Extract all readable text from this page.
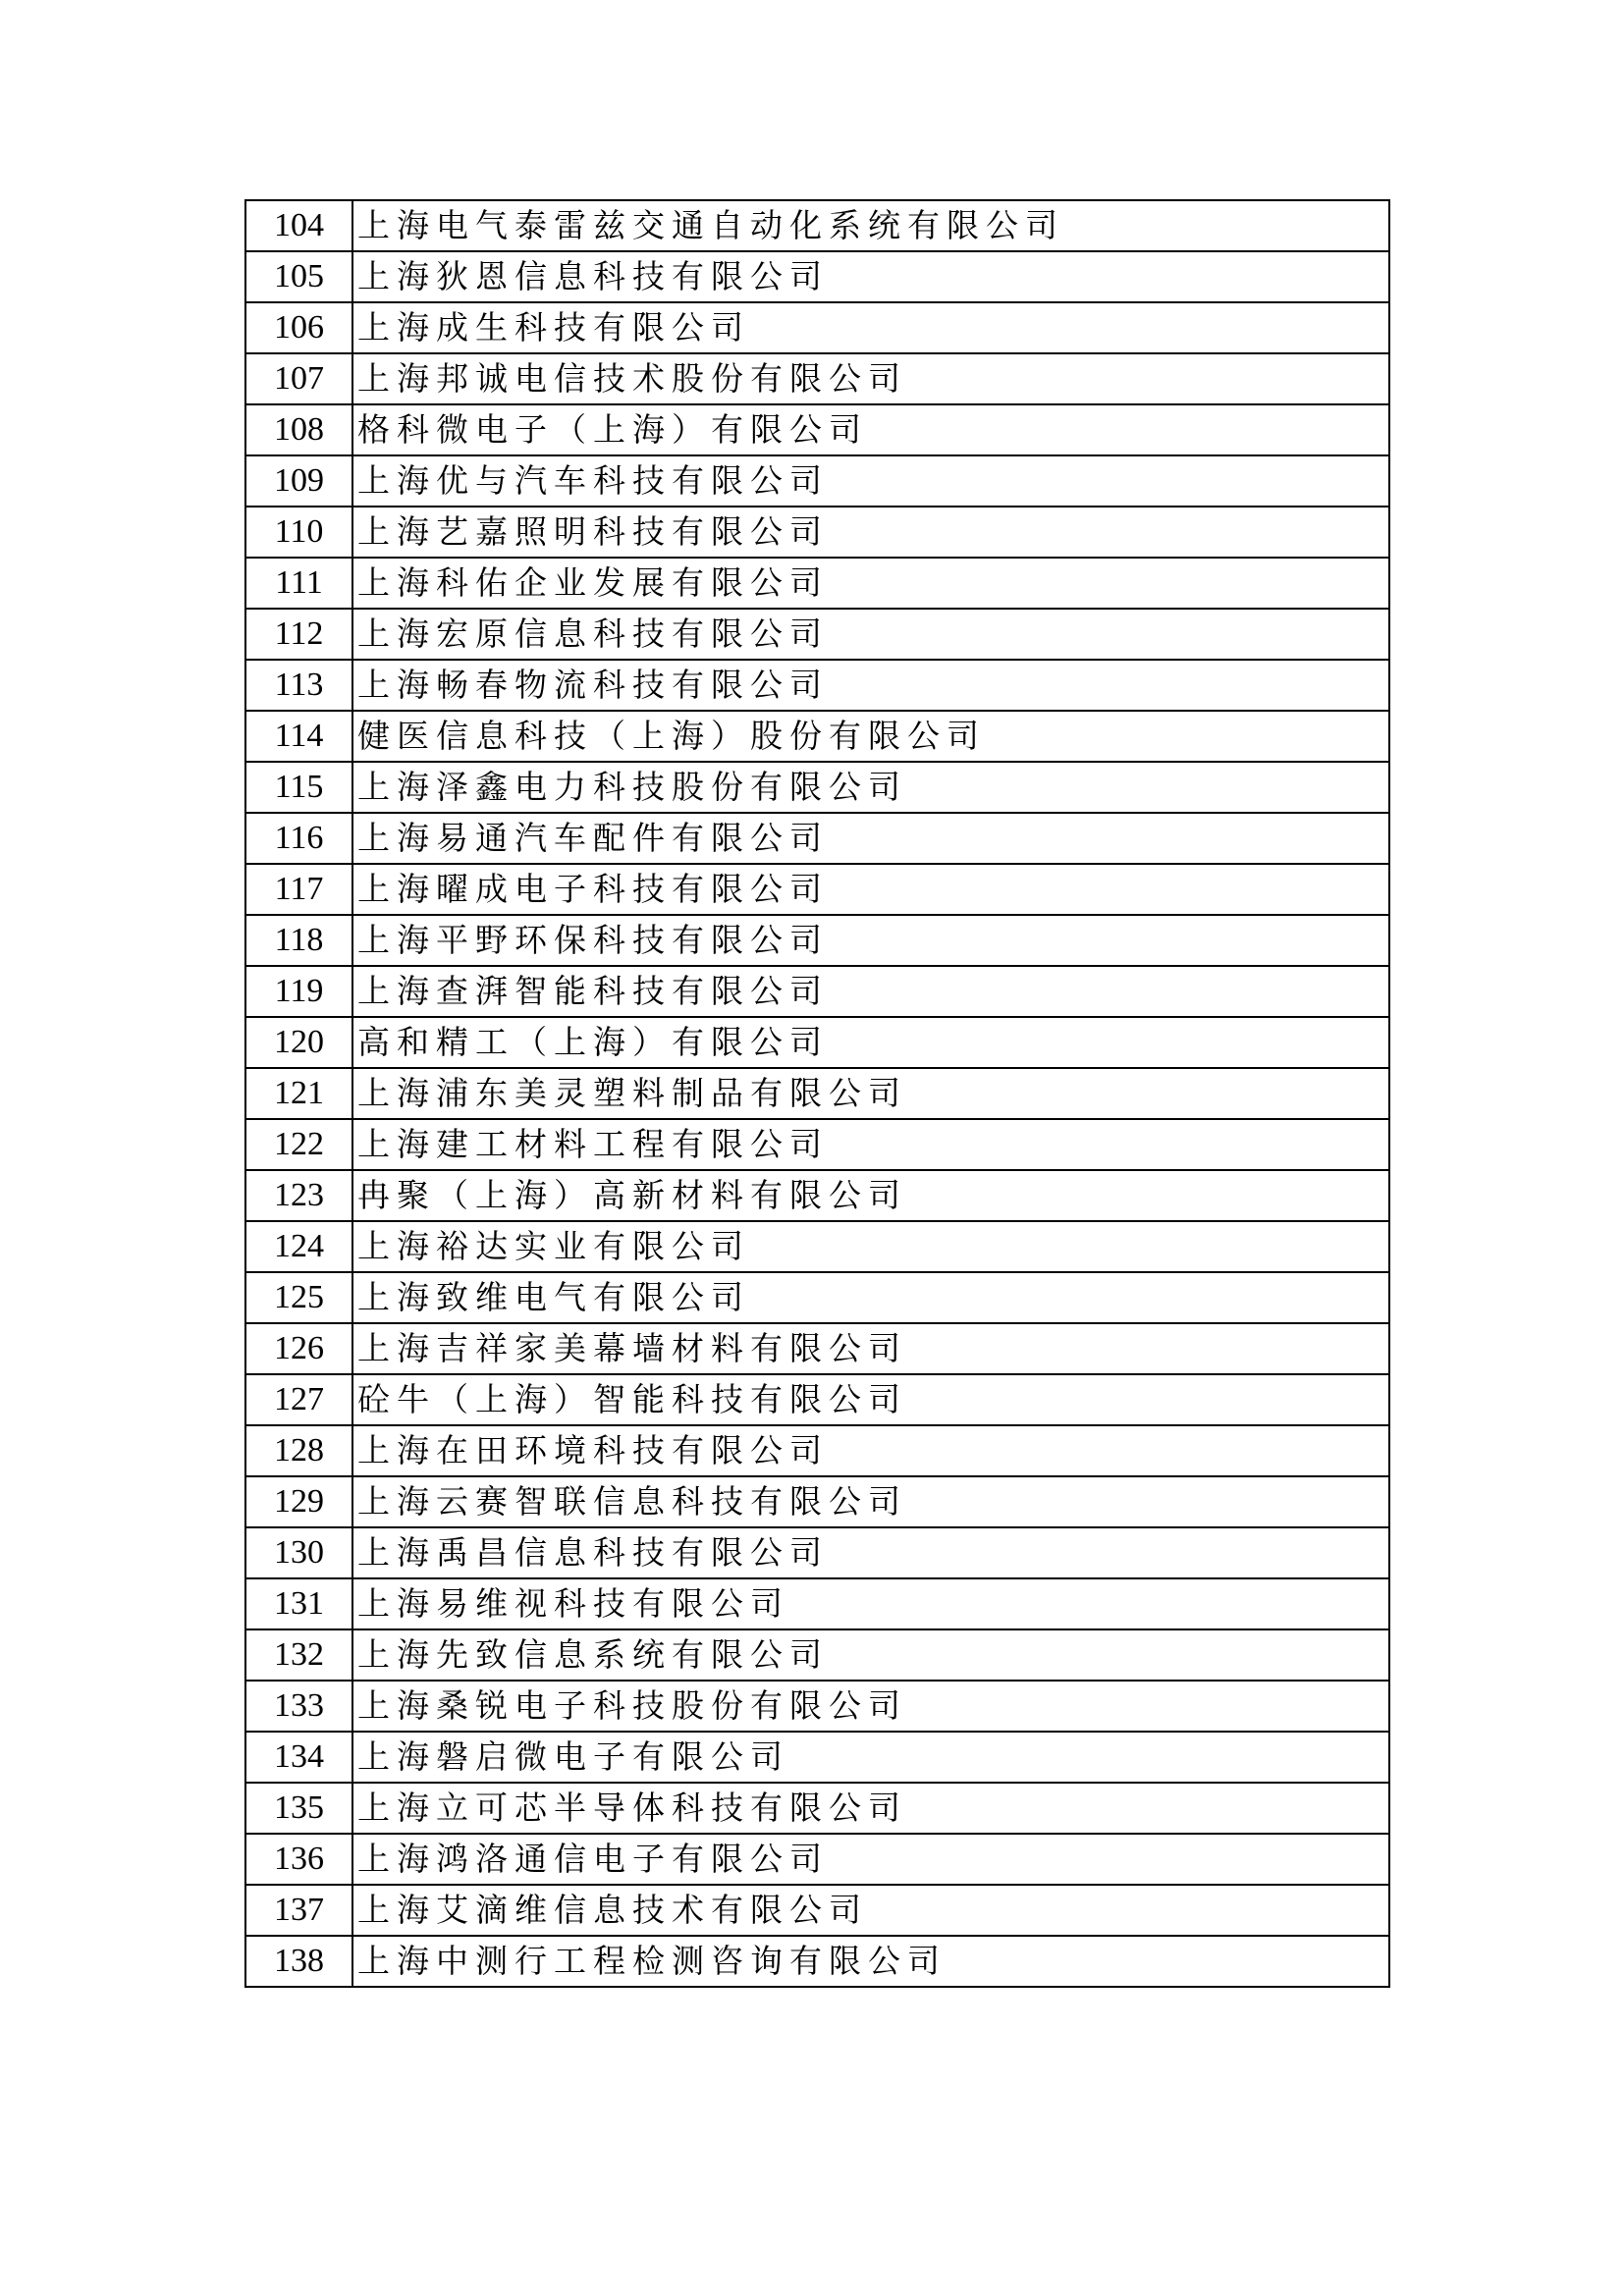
104	上海电气泰雷兹交通自动化系统有限公司
105	上海狄恩信息科技有限公司
106	上海成生科技有限公司
107	上海邦诚电信技术股份有限公司
108	格科微电子（上海）有限公司
109	上海优与汽车科技有限公司
110	上海艺嘉照明科技有限公司
111	上海科佑企业发展有限公司
112	上海宏原信息科技有限公司
113	上海畅春物流科技有限公司
114	健医信息科技（上海）股份有限公司
115	上海泽鑫电力科技股份有限公司
116	上海易通汽车配件有限公司
117	上海曜成电子科技有限公司
118	上海平野环保科技有限公司
119	上海查湃智能科技有限公司
120	高和精工（上海）有限公司
121	上海浦东美灵塑料制品有限公司
122	上海建工材料工程有限公司
123	冉聚（上海）高新材料有限公司
124	上海裕达实业有限公司
125	上海致维电气有限公司
126	上海吉祥家美幕墙材料有限公司
127	砼牛（上海）智能科技有限公司
128	上海在田环境科技有限公司
129	上海云赛智联信息科技有限公司
130	上海禹昌信息科技有限公司
131	上海易维视科技有限公司
132	上海先致信息系统有限公司
133	上海桑锐电子科技股份有限公司
134	上海磐启微电子有限公司
135	上海立可芯半导体科技有限公司
136	上海鸿洛通信电子有限公司
137	上海艾滴维信息技术有限公司
138	上海中测行工程检测咨询有限公司
